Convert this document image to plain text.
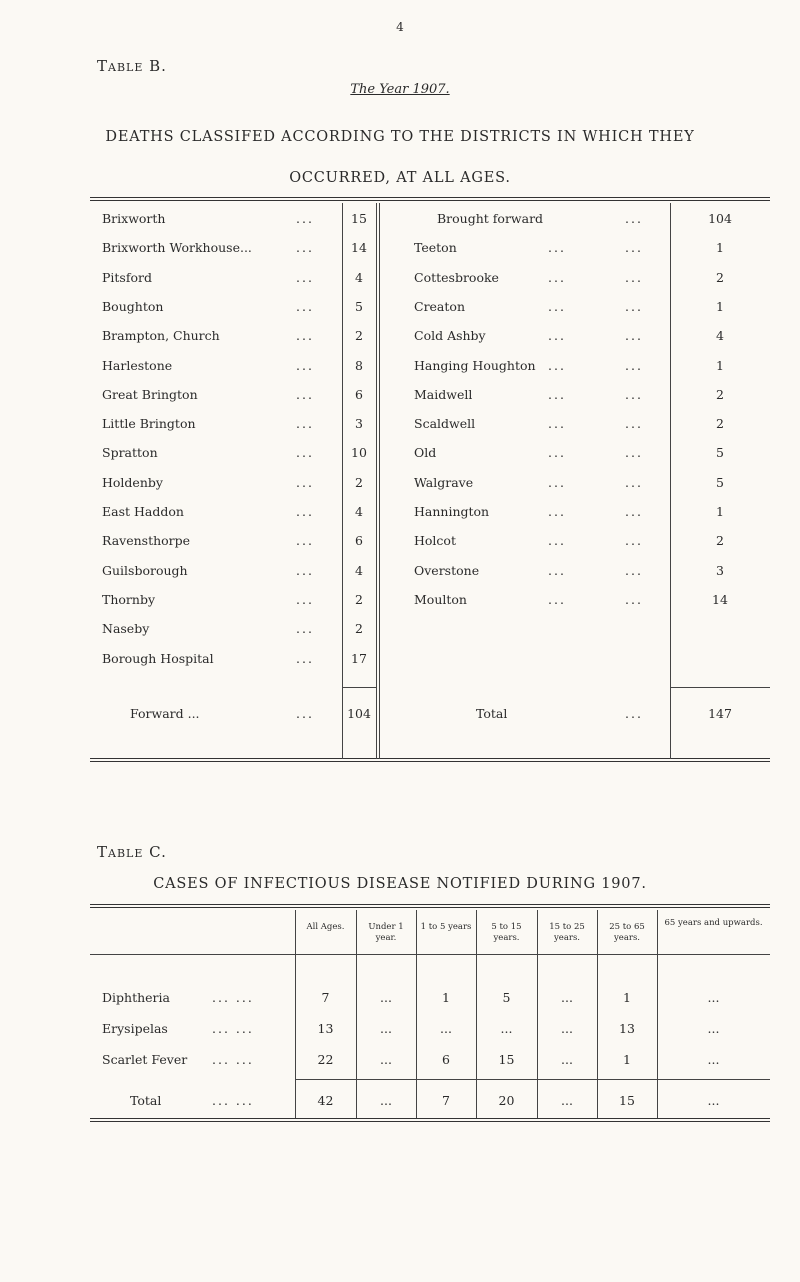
4
Table B.
The Year 1907.
DEATHS CLASSIFED ACCORDING TO THE DISTRICTS IN WHICH THEY
OCCURRED, AT ALL AGES.
Brixworth	...	15
Brixworth Workhouse...	...	14
Pitsford	...	4
Boughton	...	5
Brampton, Church	...	2
Harlestone	...	8
Great Brington	...	6
Little Brington	...	3
Spratton	...	10
Holdenby	...	2
East Haddon	...	4
Ravensthorpe	...	6
Guilsborough	...	4
Thornby	...	2
Naseby	...	2
Borough Hospital	...	17
Brought forward	...	104
Teeton	...	...	1
Cottesbrooke	...	...	2
Creaton	...	...	1
Cold Ashby	...	...	4
Hanging Houghton ...	...	1
Maidwell	...	...	2
Scaldwell	...	...	2
Old	...	...	5
Walgrave	...	...	5
Hannington	...	...	1
Holcot	...	...	2
Overstone	...	...	3
Moulton	...	...	14
Forward ...	...	104	Total	...	147
Table C.
CASES OF INFECTIOUS DISEASE NOTIFIED DURING 1907.
All Ages.	Under 1 year.
1 to 5 years	5 to 15 years.
15 to 25 years.
25 to 65 years.
65 years and upwards.
Diphtheria	... ...	7	...	1	5	...	1	...
Erysipelas	... ...	13	...	...	...	...	13	...
Scarlet Fever ... ...	22	...	6	15	...	1	...
Total	... ...	42	...	7	20	...	15	...
